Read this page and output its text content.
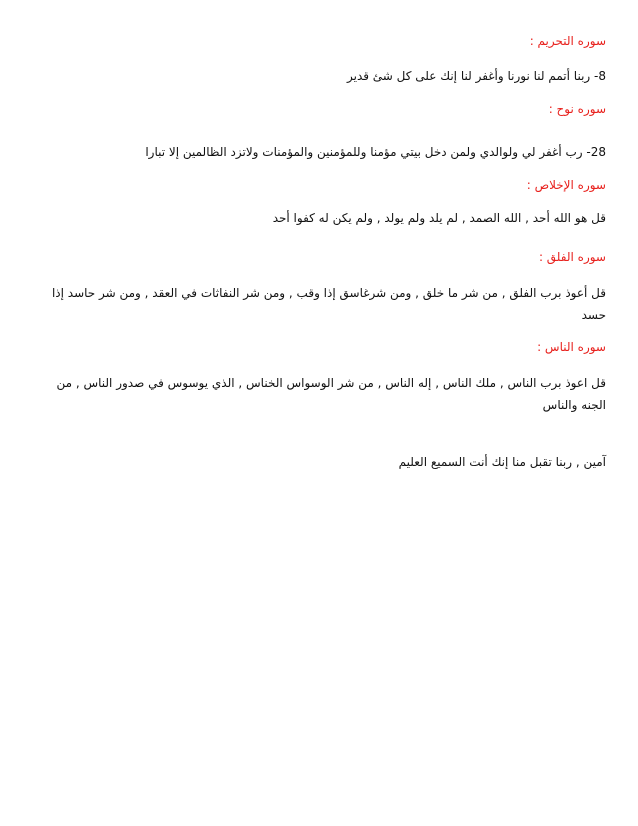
سوره التحريم :

8- ربنا أتمم لنا نورنا وأغفر لنا إنك على كل شئ قدير

سوره نوح :

28- رب أغفر لي ولوالدي ولمن دخل بيتي مؤمنا وللمؤمنين والمؤمنات ولاتزد الظالمين إلا تبارا

سوره الإخلاص :

قل هو الله أحد , الله الصمد , لم يلد ولم يولد , ولم يكن له كفوا أحد

سوره الفلق :

قل أعوذ برب الفلق , من شر ما خلق , ومن شرغاسق إذا وقب , ومن شر النفاثات في العقد , ومن شر حاسد إذا حسد

سوره الناس :

قل اعوذ برب الناس , ملك الناس , إله الناس , من شر الوسواس الخناس , الذي يوسوس في صدور الناس , من الجنه والناس

آمين , ربنا تقبل منا إنك أنت السميع العليم
